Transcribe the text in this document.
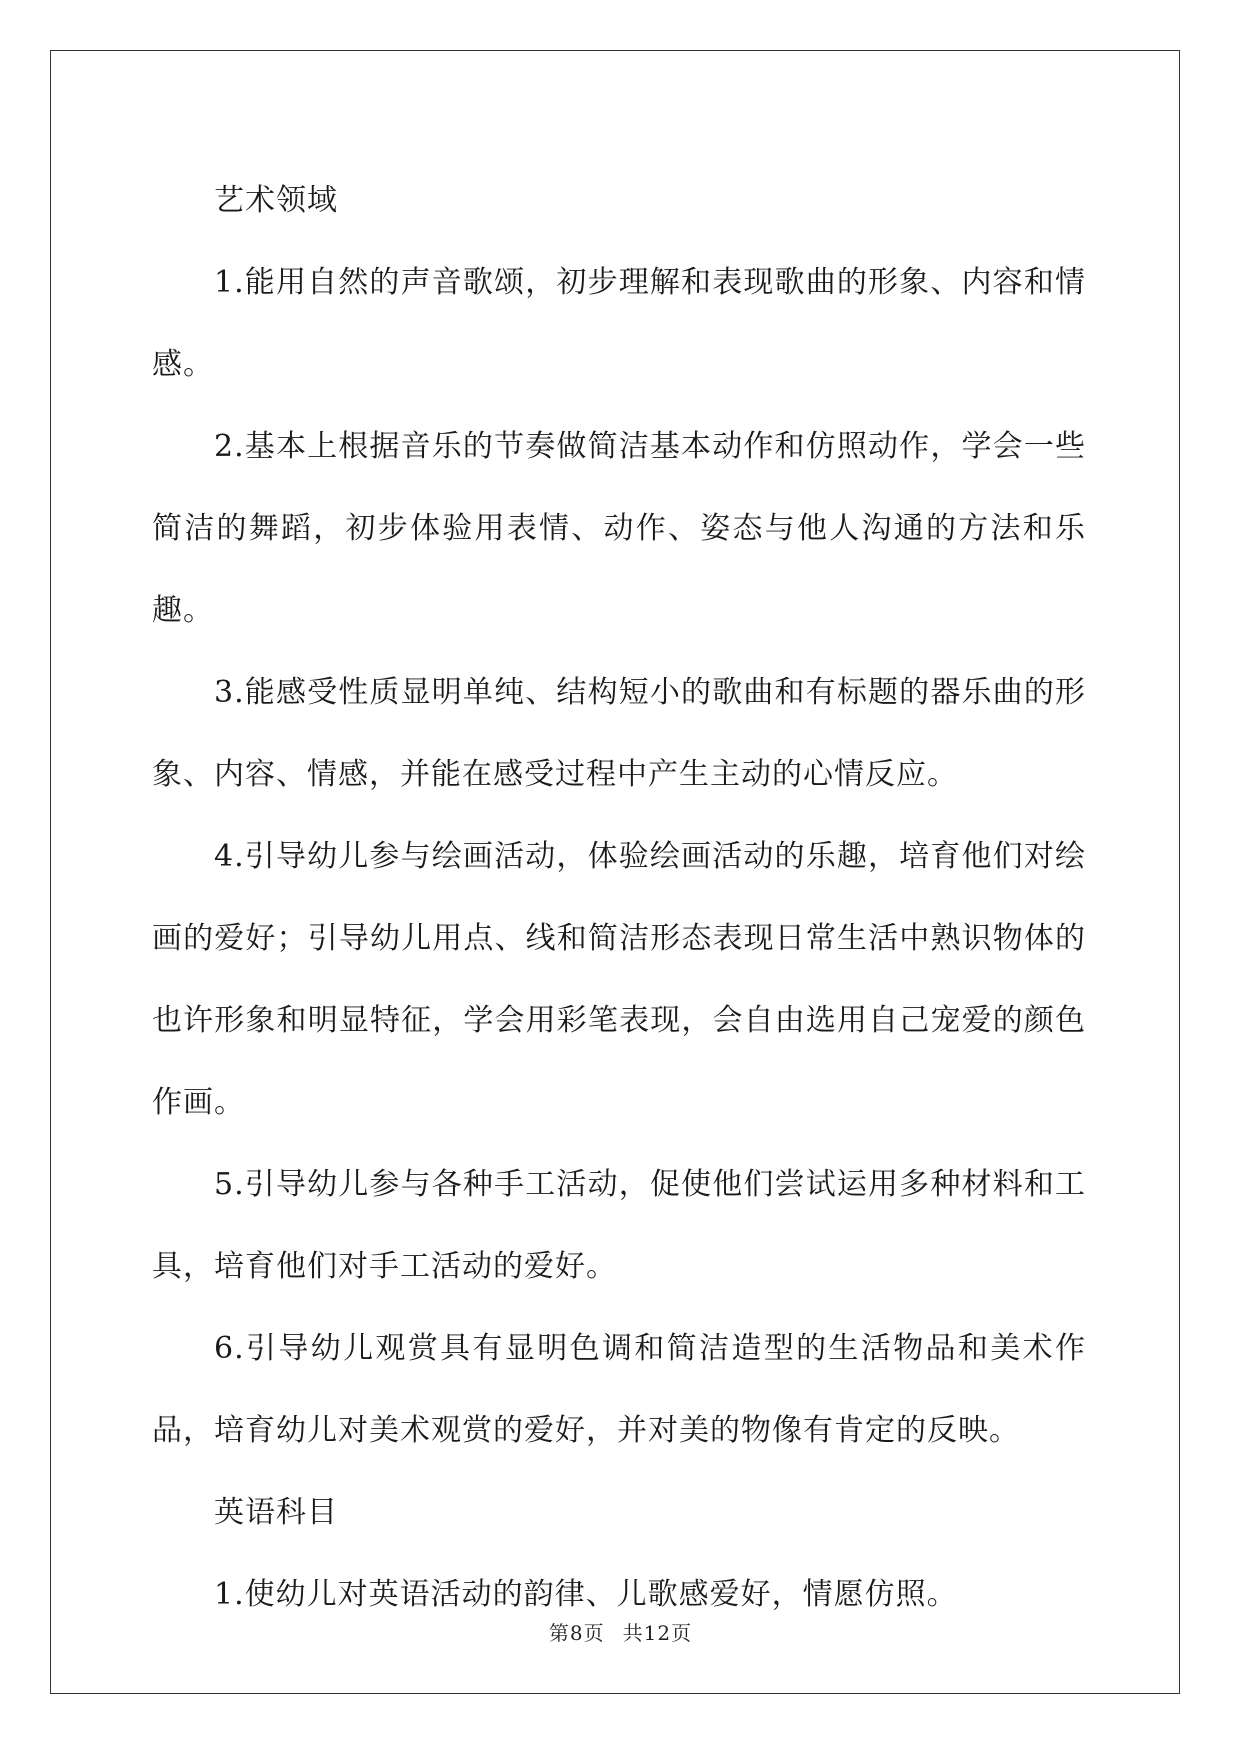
艺术领域

1.能用自然的声音歌颂，初步理解和表现歌曲的形象、内容和情感。

2.基本上根据音乐的节奏做简洁基本动作和仿照动作，学会一些简洁的舞蹈，初步体验用表情、动作、姿态与他人沟通的方法和乐趣。

3.能感受性质显明单纯、结构短小的歌曲和有标题的器乐曲的形象、内容、情感，并能在感受过程中产生主动的心情反应。

4.引导幼儿参与绘画活动，体验绘画活动的乐趣，培育他们对绘画的爱好；引导幼儿用点、线和简洁形态表现日常生活中熟识物体的也许形象和明显特征，学会用彩笔表现，会自由选用自己宠爱的颜色作画。

5.引导幼儿参与各种手工活动，促使他们尝试运用多种材料和工具，培育他们对手工活动的爱好。

6.引导幼儿观赏具有显明色调和简洁造型的生活物品和美术作品，培育幼儿对美术观赏的爱好，并对美的物像有肯定的反映。

英语科目

1.使幼儿对英语活动的韵律、儿歌感爱好，情愿仿照。

第8页 共12页
